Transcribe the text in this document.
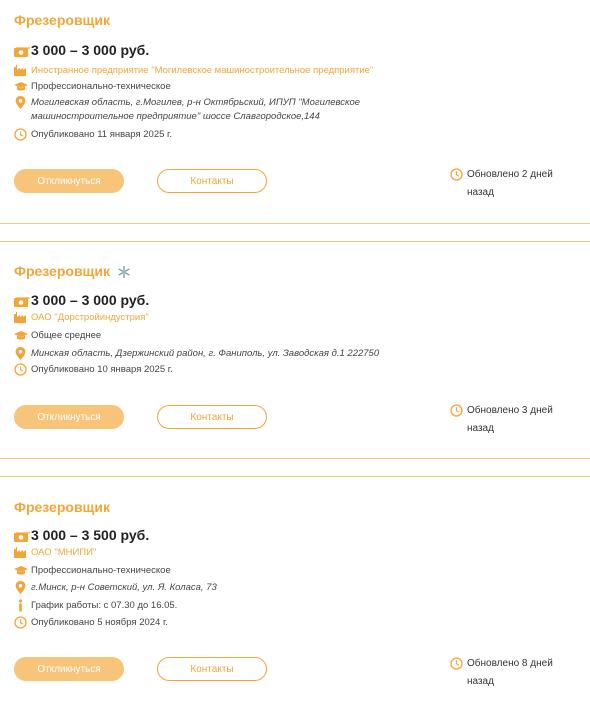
Фрезеровщик
3 000 – 3 000 руб.
Иностранное предприятие "Могилевское машиностроительное предприятие"
Профессионально-техническое
Могилевская область, г.Могилев, р-н Октябрьский, ИПУП "Могилевское машиностроительное предприятие" шоссе Славгородское,144
Опубликовано 11 января 2025 г.
Откликнуться	Контакты
Обновлено 2 дней назад
Фрезеровщик
3 000 – 3 000 руб.
ОАО "Дорстройиндустрия"
Общее среднее
Минская область, Дзержинский район, г. Фаниполь, ул. Заводская д.1 222750
Опубликовано 10 января 2025 г.
Откликнуться	Контакты
Обновлено 3 дней назад
Фрезеровщик
3 000 – 3 500 руб.
ОАО "МНИПИ"
Профессионально-техническое
г.Минск, р-н Советский, ул. Я. Коласа, 73
График работы: с 07.30 до 16.05.
Опубликовано 5 ноября 2024 г.
Откликнуться	Контакты	Обновлено 8 дней назад
